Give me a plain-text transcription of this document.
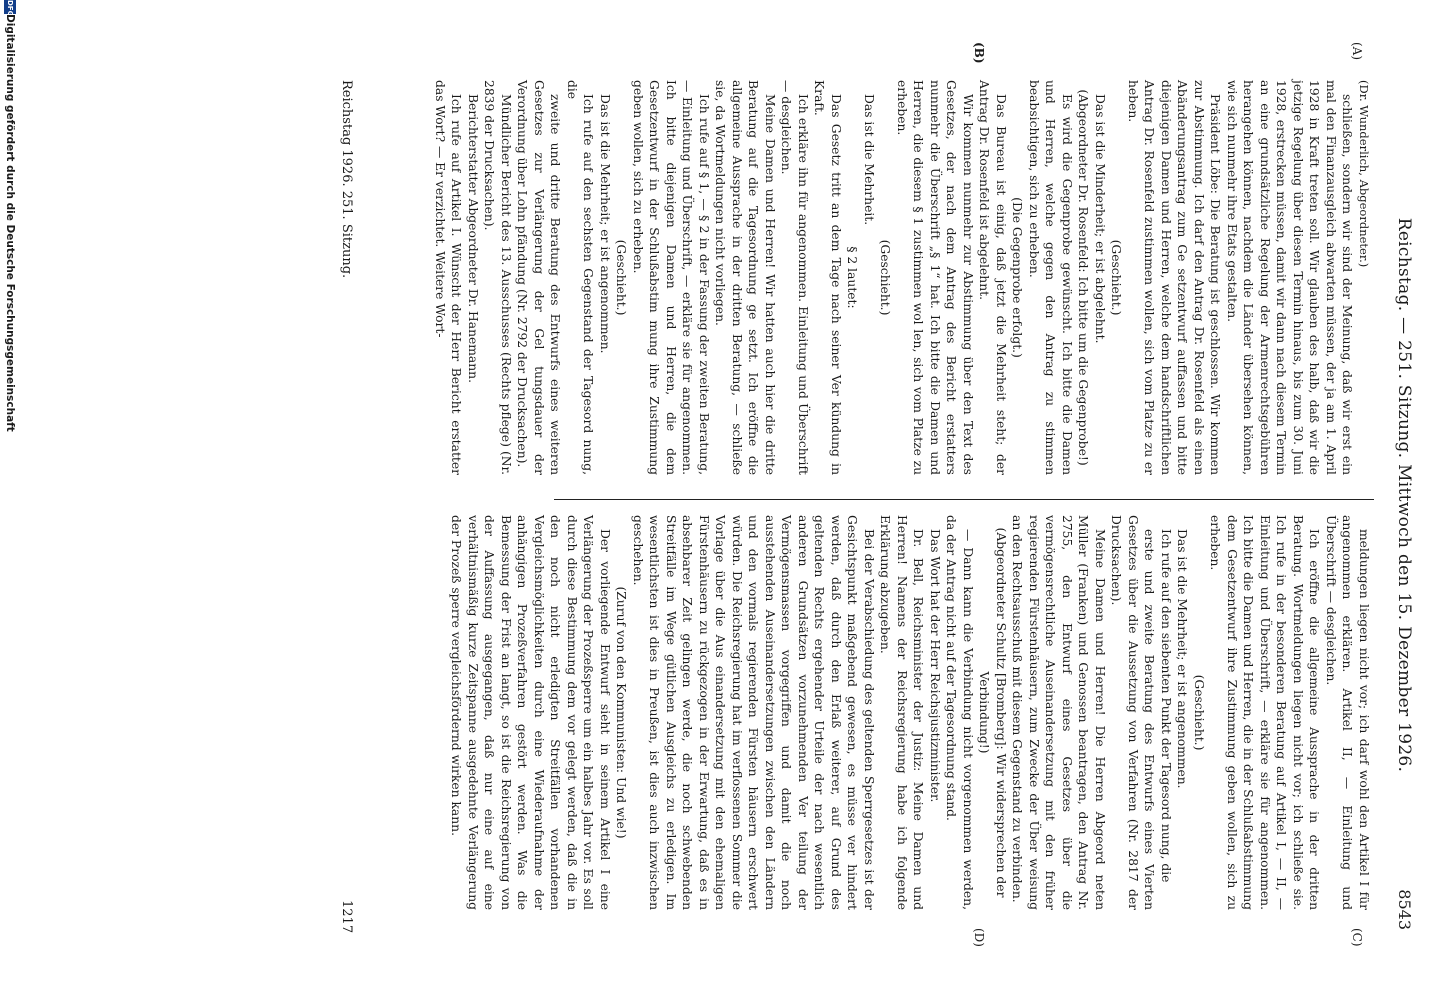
Reichstag. — 251. Sitzung. Mittwoch den 15. Dezember 1926.
8543
(A)
(B)
(C)
(D)

(Dr. Wunderlich, Abgeordneter.)

schließen, sondern wir sind der Meinung, daß wir erst ein mal den Finanzausgleich abwarten müssen, der ja am 1. April 1928 in Kraft treten soll. Wir glauben des halb, daß wir die jetzige Regelung über diesen Termin hinaus, bis zum 30. Juni 1928, erstrecken müssen, damit wir dann nach diesem Termin an eine grundsätzliche Regelung der Armenrechtsgebühren herangehen können, nachdem die Länder übersehen können, wie sich nunmehr ihre Etats gestalten.

Präsident Löbe: Die Beratung ist geschlossen. Wir kommen zur Abstimmung. Ich darf den Antrag Dr. Rosenfeld als einen Abänderungsantrag zum Ge setzentwurf auffassen und bitte diejenigen Damen und Herren, welche dem handschriftlichen Antrag Dr. Rosenfeld zustimmen wollen, sich vom Platze zu er heben.

(Geschieht.)

Das ist die Minderheit; er ist abgelehnt.

(Abgeordneter Dr. Rosenfeld: Ich bitte um die Gegenprobe!)

Es wird die Gegenprobe gewünscht. Ich bitte die Damen und Herren, welche gegen den Antrag zu stimmen beabsichtigen, sich zu erheben.

(Die Gegenprobe erfolgt.)

Das Bureau ist einig, daß jetzt die Mehrheit steht; der Antrag Dr. Rosenfeld ist abgelehnt.

Wir kommen nunmehr zur Abstimmung über den Text des Gesetzes, der nach dem Antrag des Bericht erstatters nunmehr die Überschrift „§ 1“ hat. Ich bitte die Damen und Herren, die diesem § 1 zustimmen wol len, sich vom Platze zu erheben.

(Geschieht.)

Das ist die Mehrheit.

§ 2 lautet:

Das Gesetz tritt an dem Tage nach seiner Ver kündung in Kraft.

Ich erkläre ihn für angenommen. Einleitung und Überschrift — desgleichen.

Meine Damen und Herren! Wir hatten auch hier die dritte Beratung auf die Tagesordnung ge setzt. Ich eröffne die allgemeine Aussprache in der dritten Beratung, — schließe sie, da Wortmeldungen nicht vorliegen.

Ich rufe auf § 1, — § 2 in der Fassung der zweiten Beratung, — Einleitung und Überschrift, — erkläre sie für angenommen. Ich bitte diejenigen Damen und Herren, die dem Gesetzentwurf in der Schlußabstim mung ihre Zustimmung geben wollen, sich zu erheben.

(Geschieht.)

Das ist die Mehrheit; er ist angenommen.

Ich rufe auf den sechsten Gegenstand der Tagesord nung, die

zweite und dritte Beratung des Entwurfs eines weiteren Gesetzes zur Verlängerung der Gel tungsdauer der Verordnung über Lohn pfändung (Nr. 2792 der Drucksachen).

Mündlicher Bericht des 13. Ausschusses (Rechts pflege) (Nr. 2839 der Drucksachen).

Berichterstatter Abgeordneter Dr. Hanemann.

Ich rufe auf Artikel I. Wünscht der Herr Bericht erstatter das Wort? — Er verzichtet. Weitere Wort-

meldungen liegen nicht vor; ich darf wohl den Artikel I für angenommen erklären. Artikel II, — Einleitung und Überschrift — desgleichen.

Ich eröffne die allgemeine Aussprache in der dritten Beratung. Wortmeldungen liegen nicht vor; ich schließe sie. Ich rufe in der besonderen Beratung auf Artikel I, — II, — Einleitung und Überschrift, — erkläre sie für angenommen. Ich bitte die Damen und Herren, die in der Schlußabstimmung dem Gesetzentwurf ihre Zustimmung geben wollen, sich zu erheben.

(Geschieht.)

Das ist die Mehrheit; er ist angenommen.

Ich rufe auf den siebenten Punkt der Tagesord nung, die

erste und zweite Beratung des Entwurfs eines Vierten Gesetzes über die Aussetzung von Verfahren (Nr. 2817 der Drucksachen).

Meine Damen und Herren! Die Herren Abgeord neten Müller (Franken) und Genossen beantragen, den Antrag Nr. 2755, den Entwurf eines Gesetzes über die vermögensrechtliche Auseinandersetzung mit den früher regierenden Fürstenhäusern, zum Zwecke der Über weisung an den Rechtsausschuß mit diesem Gegenstand zu verbinden.

(Abgeordneter Schultz [Bromberg]: Wir widersprechen der Verbindung!)

— Dann kann die Verbindung nicht vorgenommen werden, da der Antrag nicht auf der Tagesordnung stand.

Das Wort hat der Herr Reichsjustizminister.

Dr. Bell, Reichsminister der Justiz: Meine Damen und Herren! Namens der Reichsregierung habe ich folgende Erklärung abzugeben.

Bei der Verabschiedung des geltenden Sperrgesetzes ist der Gesichtspunkt maßgebend gewesen, es müsse ver hindert werden, daß durch den Erlaß weiterer, auf Grund des geltenden Rechts ergehender Urteile der nach wesentlich anderen Grundsätzen vorzunehmenden Ver teilung der Vermögensmassen vorgegriffen und damit die noch ausstehenden Auseinandersetzungen zwischen den Ländern und den vormals regierenden Fürsten häusern erschwert würden. Die Reichsregierung hat im verflossenen Sommer die Vorlage über die Aus einandersetzung mit den ehemaligen Fürstenhäusern zu rückgezogen in der Erwartung, daß es in absehbarer Zeit gelingen werde, die noch schwebenden Streitfälle im Wege gütlichen Ausgleichs zu erledigen. Im wesentlichsten ist dies in Preußen, ist dies auch inzwischen geschehen.

(Zuruf von den Kommunisten: Und wie!)

Der vorliegende Entwurf sieht in seinem Artikel I eine Verlängerung der Prozeßsperre um ein halbes Jahr vor. Es soll durch diese Bestimmung dem vor gelegt werden, daß die in den noch nicht erledigten Streitfällen vorhandenen Vergleichsmöglichkeiten durch eine Wiederaufnahme der anhängigen Prozeßverfahren gestört werden. Was die Bemessung der Frist an langt, so ist die Reichsregierung von der Auffassung ausgegangen, daß nur eine auf eine verhältnismäßig kurze Zeitspanne ausgedehnte Verlängerung der Prozeß sperre vergleichsfördernd wirken kann.

Reichstag 1926. 251. Sitzung.
1217
DFG
Digitalisierung gefördert durch die Deutsche Forschungsgemeinschaft
